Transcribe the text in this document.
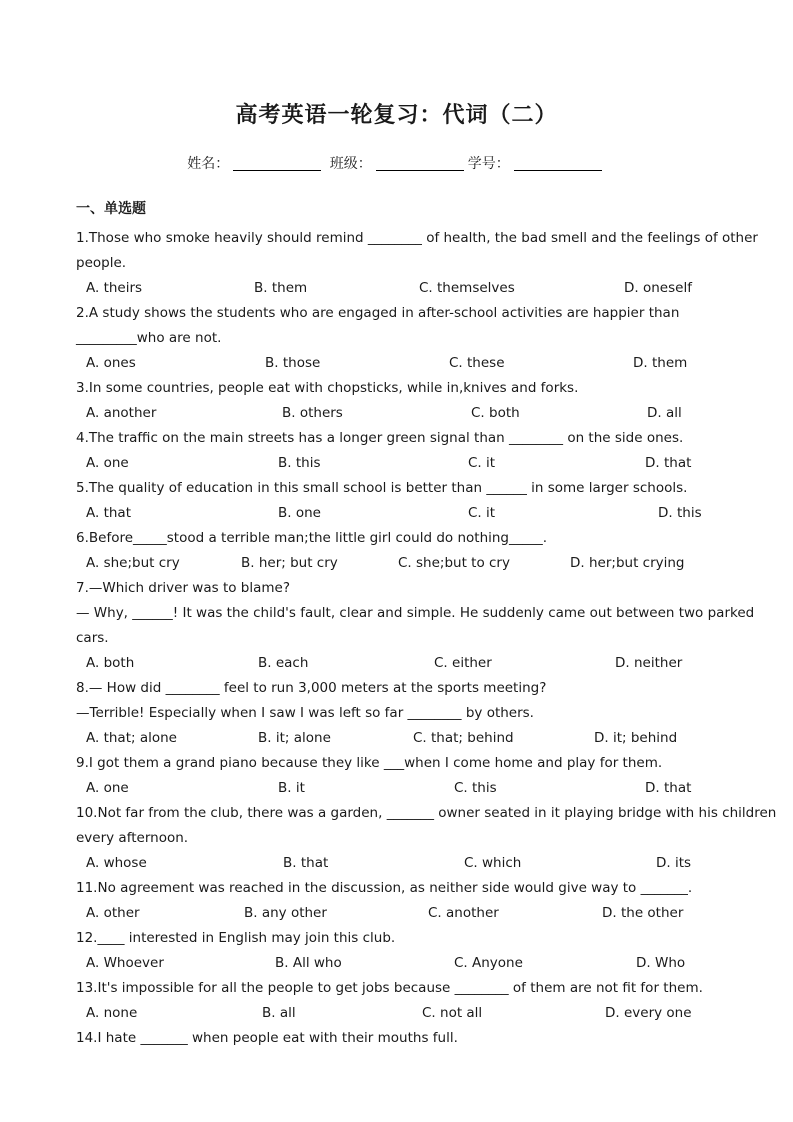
高考英语一轮复习：代词（二）
姓名：	班级：	学号：
一、单选题
1.Those who smoke heavily should remind ________ of health, the bad smell and the feelings of other
people.
A. theirs	B. them	C. themselves	D. oneself
2.A study shows the students who are engaged in after-school activities are happier than
_________who are not.
A. ones	B. those	C. these	D. them
3.In some countries, people eat with chopsticks, while in,knives and forks.
A. another	B. others	C. both	D. all
4.The traffic on the main streets has a longer green signal than ________ on the side ones.
A. one	B. this	C. it	D. that
5.The quality of education in this small school is better than ______ in some larger schools.
A. that	B. one	C. it	D. this
6.Before_____stood a terrible man;the little girl could do nothing_____.
A. she;but cry	B. her; but cry	C. she;but to cry	D. her;but crying
7.—Which driver was to blame?
— Why, ______! It was the child's fault, clear and simple. He suddenly came out between two parked
cars.
A. both	B. each	C. either	D. neither
8.— How did ________ feel to run 3,000 meters at the sports meeting?
—Terrible! Especially when I saw I was left so far ________ by others.
A. that; alone	B. it; alone	C. that; behind	D. it; behind
9.I got them a grand piano because they like ___when I come home and play for them.
A. one	B. it	C. this	D. that
10.Not far from the club, there was a garden, _______ owner seated in it playing bridge with his children
every afternoon.
A. whose	B. that	C. which	D. its
11.No agreement was reached in the discussion, as neither side would give way to _______.
A. other	B. any other	C. another	D. the other
12.____ interested in English may join this club.
A. Whoever	B. All who	C. Anyone	D. Who
13.It's impossible for all the people to get jobs because ________ of them are not fit for them.
A. none	B. all	C. not all	D. every one
14.I hate _______ when people eat with their mouths full.
